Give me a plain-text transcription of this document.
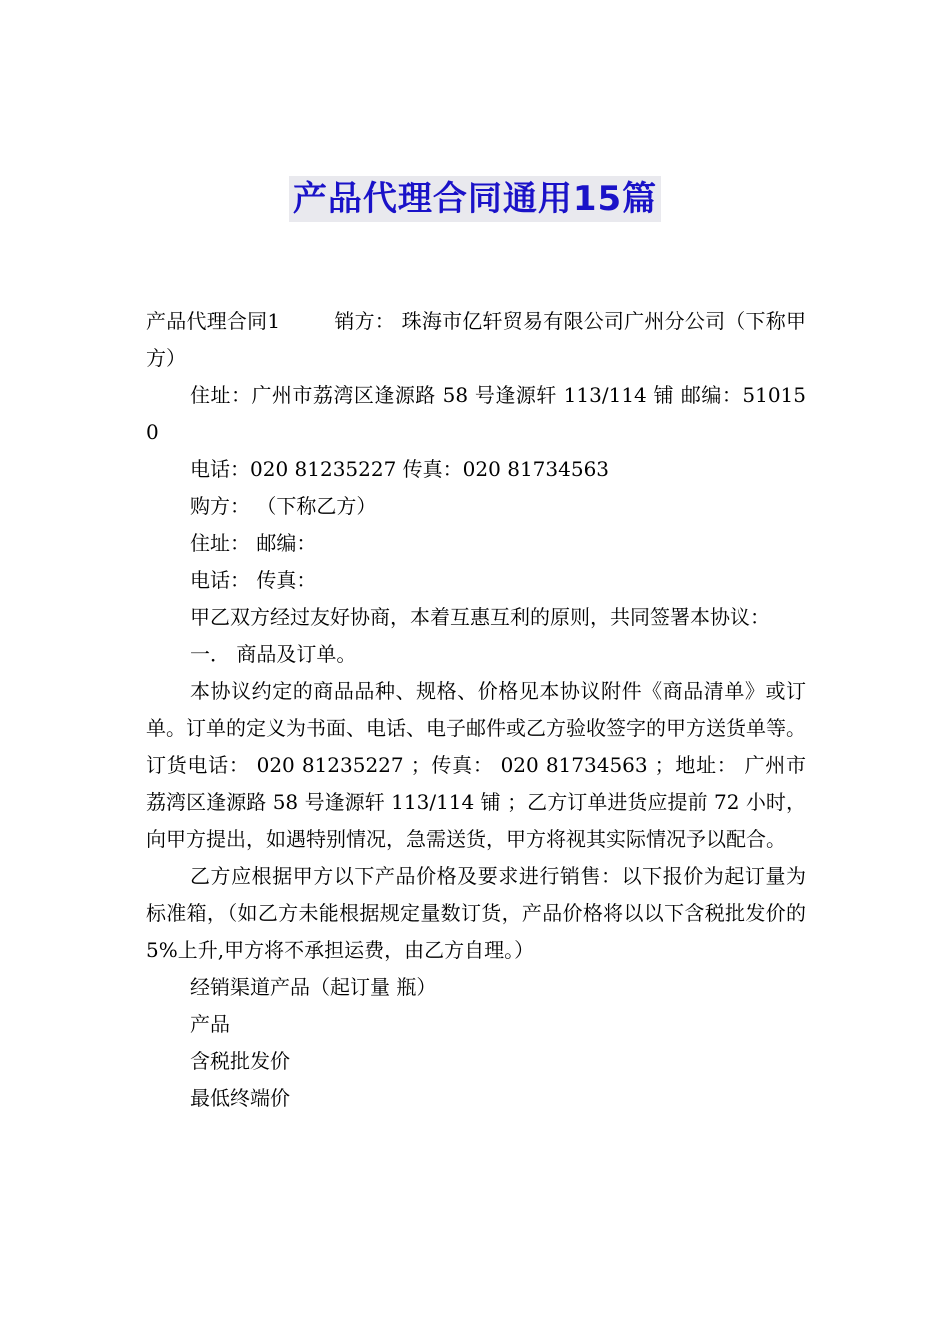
产品代理合同通用15篇

产品代理合同1	销方： 珠海市亿轩贸易有限公司广州分公司（下称甲方）

住址：广州市荔湾区逢源路 58 号逢源轩 113/114 铺 邮编：510150

电话：020 81235227 传真：020 81734563

购方： （下称乙方）

住址： 邮编：

电话： 传真：

甲乙双方经过友好协商，本着互惠互利的原则，共同签署本协议：

一． 商品及订单。

本协议约定的商品品种、规格、价格见本协议附件《商品清单》或订单。订单的定义为书面、电话、电子邮件或乙方验收签字的甲方送货单等。订货电话： 020 81235227 ；传真： 020 81734563 ；地址： 广州市荔湾区逢源路 58 号逢源轩 113/114 铺 ；乙方订单进货应提前 72 小时，向甲方提出，如遇特别情况，急需送货，甲方将视其实际情况予以配合。

乙方应根据甲方以下产品价格及要求进行销售：以下报价为起订量为 标准箱，（如乙方未能根据规定量数订货，产品价格将以以下含税批发价的 5%上升,甲方将不承担运费，由乙方自理。）

经销渠道产品（起订量 瓶）

产品

含税批发价

最低终端价
